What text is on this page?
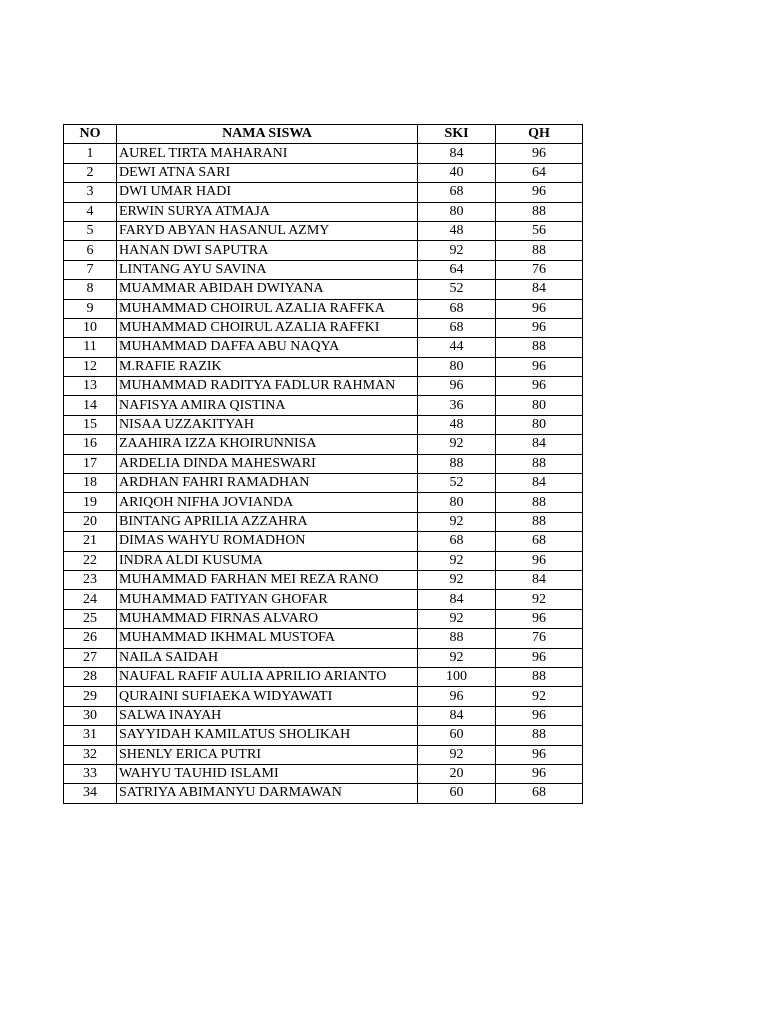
NO	NAMA SISWA	SKI	QH
1	AUREL TIRTA MAHARANI	84	96
2	DEWI ATNA SARI	40	64
3	DWI UMAR HADI	68	96
4	ERWIN SURYA ATMAJA	80	88
5	FARYD ABYAN HASANUL AZMY	48	56
6	HANAN DWI SAPUTRA	92	88
7	LINTANG AYU SAVINA	64	76
8	MUAMMAR ABIDAH DWIYANA	52	84
9	MUHAMMAD CHOIRUL AZALIA RAFFKA	68	96
10	MUHAMMAD CHOIRUL AZALIA RAFFKI	68	96
11	MUHAMMAD DAFFA ABU NAQYA	44	88
12	M.RAFIE RAZIK	80	96
13	MUHAMMAD RADITYA FADLUR RAHMAN	96	96
14	NAFISYA AMIRA QISTINA	36	80
15	NISAA UZZAKITYAH	48	80
16	ZAAHIRA IZZA KHOIRUNNISA	92	84
17	ARDELIA DINDA MAHESWARI	88	88
18	ARDHAN FAHRI RAMADHAN	52	84
19	ARIQOH NIFHA JOVIANDA	80	88
20	BINTANG APRILIA AZZAHRA	92	88
21	DIMAS WAHYU ROMADHON	68	68
22	INDRA ALDI KUSUMA	92	96
23	MUHAMMAD FARHAN MEI REZA RANO	92	84
24	MUHAMMAD FATIYAN GHOFAR	84	92
25	MUHAMMAD FIRNAS ALVARO	92	96
26	MUHAMMAD IKHMAL MUSTOFA	88	76
27	NAILA SAIDAH	92	96
28	NAUFAL RAFIF AULIA APRILIO ARIANTO	100	88
29	QURAINI SUFIAEKA WIDYAWATI	96	92
30	SALWA INAYAH	84	96
31	SAYYIDAH KAMILATUS SHOLIKAH	60	88
32	SHENLY ERICA PUTRI	92	96
33	WAHYU TAUHID ISLAMI	20	96
34	SATRIYA ABIMANYU DARMAWAN	60	68
